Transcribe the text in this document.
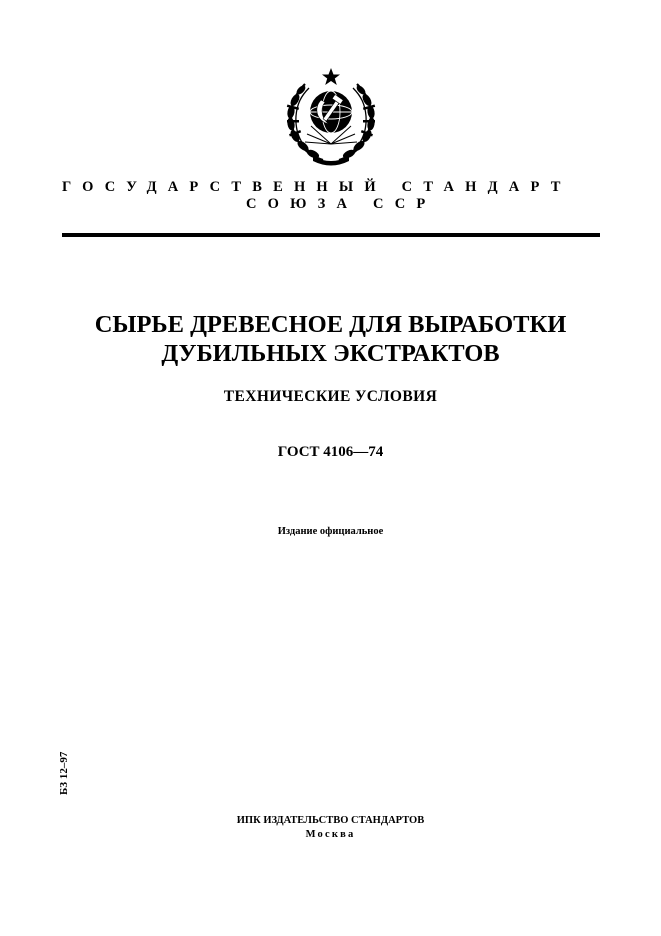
ГОСУДАРСТВЕННЫЙ СТАНДАРТ
СОЮЗА ССР
СЫРЬЕ ДРЕВЕСНОЕ ДЛЯ ВЫРАБОТКИ
ДУБИЛЬНЫХ ЭКСТРАКТОВ
ТЕХНИЧЕСКИЕ УСЛОВИЯ
ГОСТ 4106—74
Издание официальное
БЗ 12–97
ИПК ИЗДАТЕЛЬСТВО СТАНДАРТОВ
Москва
